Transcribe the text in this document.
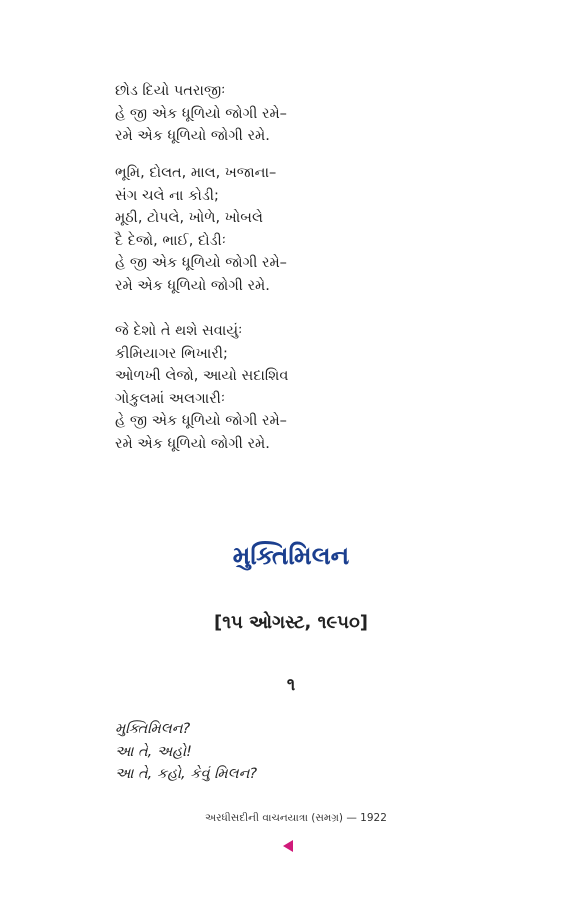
છોડ દિયો પતરાજીઃ
હે જી એક ધૂળિયો જોગી રમે–
રમે એક ધૂળિયો જોગી રમે.
ભૂમિ, દોલત, માલ, ખજાના–
સંગ ચલે ના કોડી;
મૂઠી, ટોપલે, ખોળે, ખોબલે
દૈ દેજો, ભાઈ, દોડીઃ
હે જી એક ધૂળિયો જોગી રમે–
રમે એક ધૂળિયો જોગી રમે.
જે દેશો તે થશે સવાયુંઃ
કીમિયાગર ભિખારી;
ઓળખી લેજો, આયો સદાશિવ
ગોકુલમાં અલગારીઃ
હે જી એક ધૂળિયો જોગી રમે–
રમે એક ધૂળિયો જોગી રમે.
મુક્તિમિલન

[૧૫ ઓગસ્ટ, ૧૯૫૦]

૧

મુક્તિમિલન?
આ તે, અહો!
આ તે, કહો, કેવું મિલન?
અરધીસદીની વાચનયાત્રા (સમગ્ર) — 1922
